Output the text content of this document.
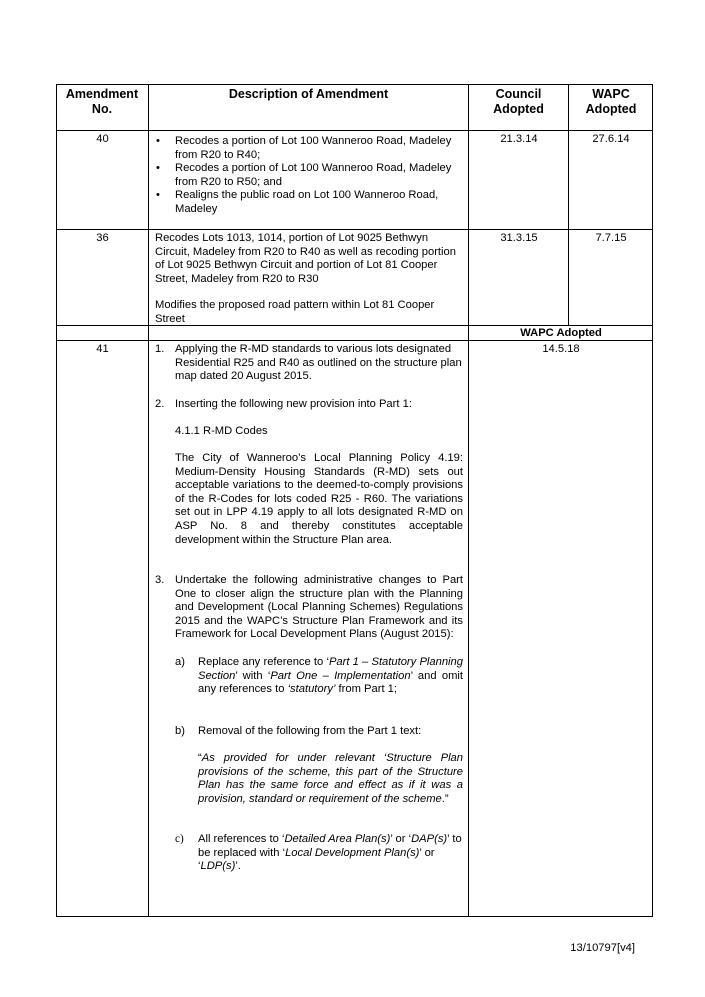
Amendment No.
Description of Amendment	Council Adopted
WAPC Adopted
40
•	Recodes a portion of Lot 100 Wanneroo Road, Madeley from R20 to R40;
• Recodes a portion of Lot 100 Wanneroo Road, Madeley from R20 to R50; and
• Realigns the public road on Lot 100 Wanneroo Road, Madeley
21.3.14	27.6.14
36	Recodes Lots 1013, 1014, portion of Lot 9025 Bethwyn Circuit, Madeley from R20 to R40 as well as recoding portion of Lot 9025 Bethwyn Circuit and portion of Lot 81 Cooper Street, Madeley from R20 to R30
Modifies the proposed road pattern within Lot 81 Cooper Street
31.3.15	7.7.15
WAPC Adopted
41	14.5.18
1. Applying the R-MD standards to various lots designated Residential R25 and R40 as outlined on the structure plan map dated 20 August 2015.
2. Inserting the following new provision into Part 1:
4.1.1 R-MD Codes
The City of Wanneroo’s Local Planning Policy 4.19: Medium-Density Housing Standards (R-MD) sets out acceptable variations to the deemed-to-comply provisions of the R-Codes for lots coded R25 - R60. The variations set out in LPP 4.19 apply to all lots designated R-MD on ASP No. 8 and thereby constitutes acceptable development within the Structure Plan area.
3. Undertake the following administrative changes to Part One to closer align the structure plan with the Planning and Development (Local Planning Schemes) Regulations 2015 and the WAPC’s Structure Plan Framework and its Framework for Local Development Plans (August 2015):
a) Replace any reference to ‘Part 1 – Statutory Planning Section’ with ‘Part One – Implementation’ and omit any references to ‘statutory’ from Part 1;
b) Removal of the following from the Part 1 text:
“As provided for under relevant ‘Structure Plan provisions of the scheme, this part of the Structure Plan has the same force and effect as if it was a provision, standard or requirement of the scheme.”
c) All references to ‘Detailed Area Plan(s)’ or ‘DAP(s)’ to be replaced with ‘Local Development Plan(s)’ or ‘LDP(s)’.
13/10797[v4]
